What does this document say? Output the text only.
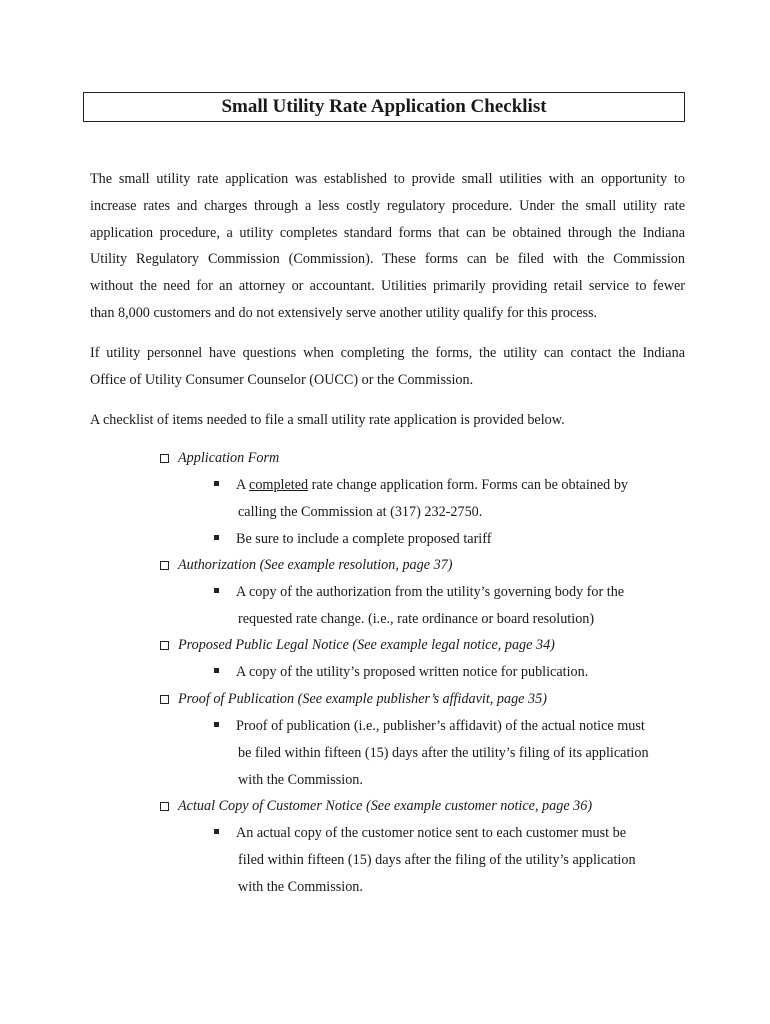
Small Utility Rate Application Checklist
The small utility rate application was established to provide small utilities with an opportunity to
increase rates and charges through a less costly regulatory procedure. Under the small utility rate
application procedure, a utility completes standard forms that can be obtained through the Indiana
Utility Regulatory Commission (Commission). These forms can be filed with the Commission
without the need for an attorney or accountant. Utilities primarily providing retail service to fewer
than 8,000 customers and do not extensively serve another utility qualify for this process.
If utility personnel have questions when completing the forms, the utility can contact the Indiana
Office of Utility Consumer Counselor (OUCC) or the Commission.
A checklist of items needed to file a small utility rate application is provided below.
Application Form
A completed rate change application form. Forms can be obtained by
calling the Commission at (317) 232-2750.
Be sure to include a complete proposed tariff
Authorization (See example resolution, page 37)
A copy of the authorization from the utility’s governing body for the
requested rate change. (i.e., rate ordinance or board resolution)
Proposed Public Legal Notice (See example legal notice, page 34)
A copy of the utility’s proposed written notice for publication.
Proof of Publication (See example publisher’s affidavit, page 35)
Proof of publication (i.e., publisher’s affidavit) of the actual notice must
be filed within fifteen (15) days after the utility’s filing of its application
with the Commission.
Actual Copy of Customer Notice (See example customer notice, page 36)
An actual copy of the customer notice sent to each customer must be
filed within fifteen (15) days after the filing of the utility’s application
with the Commission.
